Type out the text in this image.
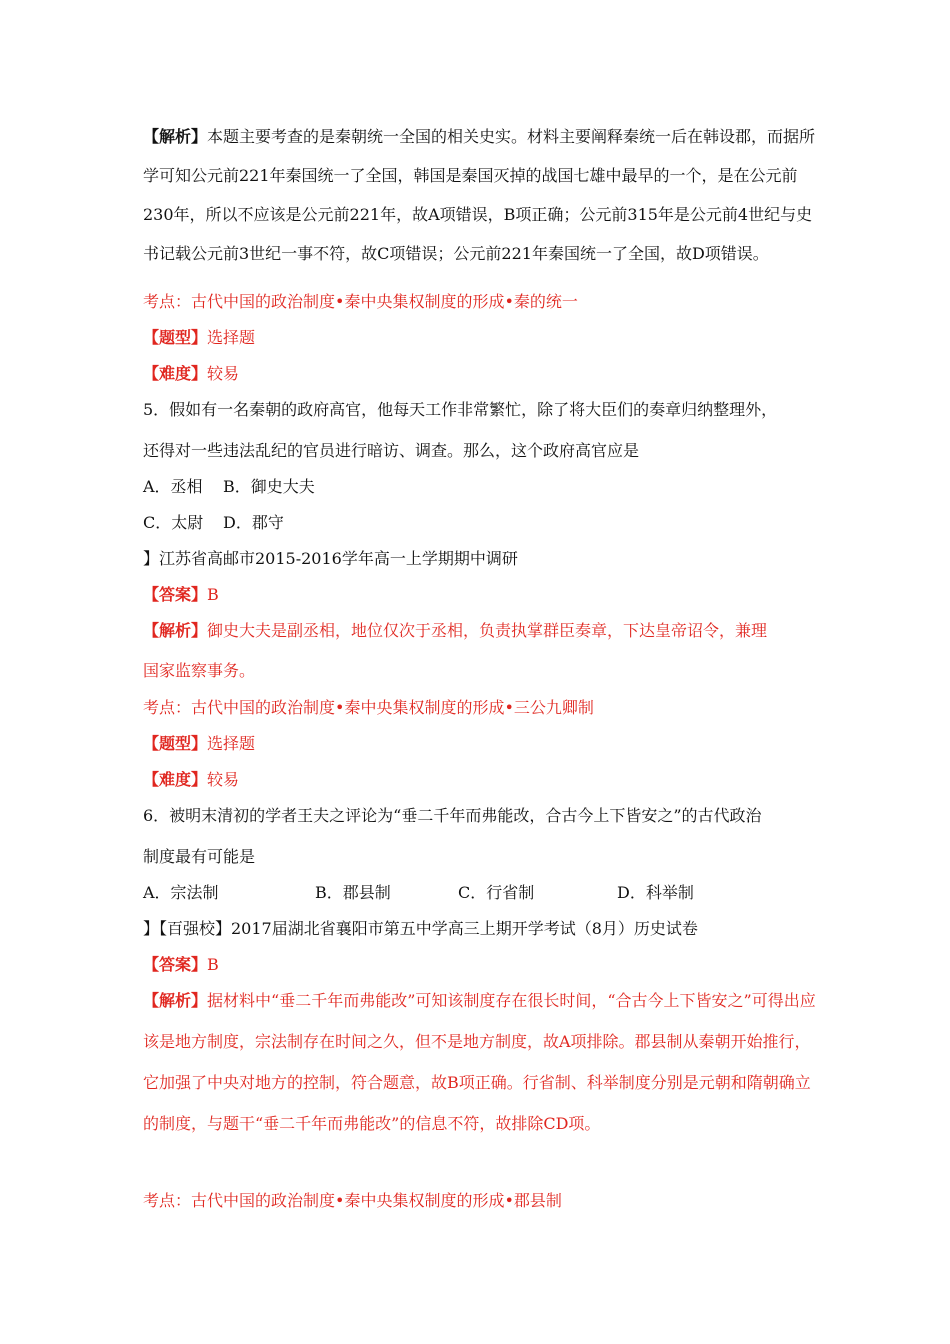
【解析】本题主要考查的是秦朝统一全国的相关史实。材料主要阐释秦统一后在韩设郡，而据所学可知公元前221年秦国统一了全国，韩国是秦国灭掉的战国七雄中最早的一个，是在公元前230年，所以不应该是公元前221年，故A项错误，B项正确；公元前315年是公元前4世纪与史书记载公元前3世纪一事不符，故C项错误；公元前221年秦国统一了全国，故D项错误。
考点：古代中国的政治制度•秦中央集权制度的形成•秦的统一
【题型】选择题
【难度】较易
5．假如有一名秦朝的政府高官，他每天工作非常繁忙，除了将大臣们的奏章归纳整理外，
还得对一些违法乱纪的官员进行暗访、调查。那么，这个政府高官应是
A．丞相 B．御史大夫
C．太尉 D．郡守
】江苏省高邮市2015-2016学年高一上学期期中调研
【答案】B
【解析】御史大夫是副丞相，地位仅次于丞相，负责执掌群臣奏章，下达皇帝诏令，兼理
国家监察事务。
考点：古代中国的政治制度•秦中央集权制度的形成•三公九卿制
【题型】选择题
【难度】较易
6．被明末清初的学者王夫之评论为“垂二千年而弗能改，合古今上下皆安之”的古代政治
制度最有可能是
A．宗法制	B．郡县制	C．行省制	D．科举制
】【百强校】2017届湖北省襄阳市第五中学高三上期开学考试（8月）历史试卷
【答案】B
【解析】据材料中“垂二千年而弗能改”可知该制度存在很长时间，“合古今上下皆安之”可得出应该是地方制度，宗法制存在时间之久，但不是地方制度，故A项排除。郡县制从秦朝开始推行，它加强了中央对地方的控制，符合题意，故B项正确。行省制、科举制度分别是元朝和隋朝确立的制度，与题干“垂二千年而弗能改”的信息不符，故排除CD项。
考点：古代中国的政治制度•秦中央集权制度的形成•郡县制
